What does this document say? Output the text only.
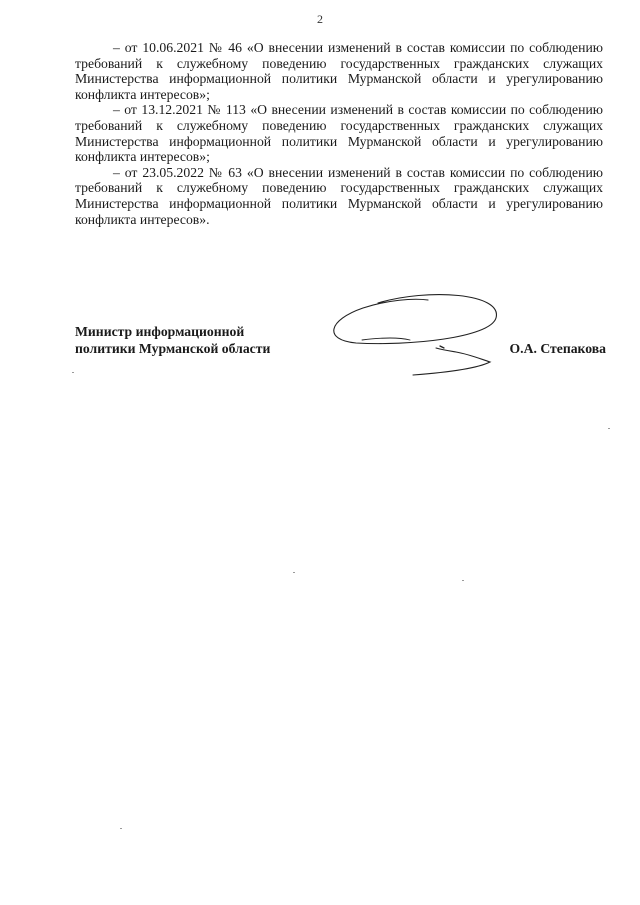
2

– от 10.06.2021 № 46 «О внесении изменений в состав комиссии по соблюдению требований к служебному поведению государственных гражданских служащих Министерства информационной политики Мурманской области и урегулированию конфликта интересов»;

– от 13.12.2021 № 113 «О внесении изменений в состав комиссии по соблюдению требований к служебному поведению государственных гражданских служащих Министерства информационной политики Мурманской области и урегулированию конфликта интересов»;

– от 23.05.2022 № 63 «О внесении изменений в состав комиссии по соблюдению требований к служебному поведению государственных гражданских служащих Министерства информационной политики Мурманской области и урегулированию конфликта интересов».

Министр информационной
политики Мурманской области	О.А. Степакова
